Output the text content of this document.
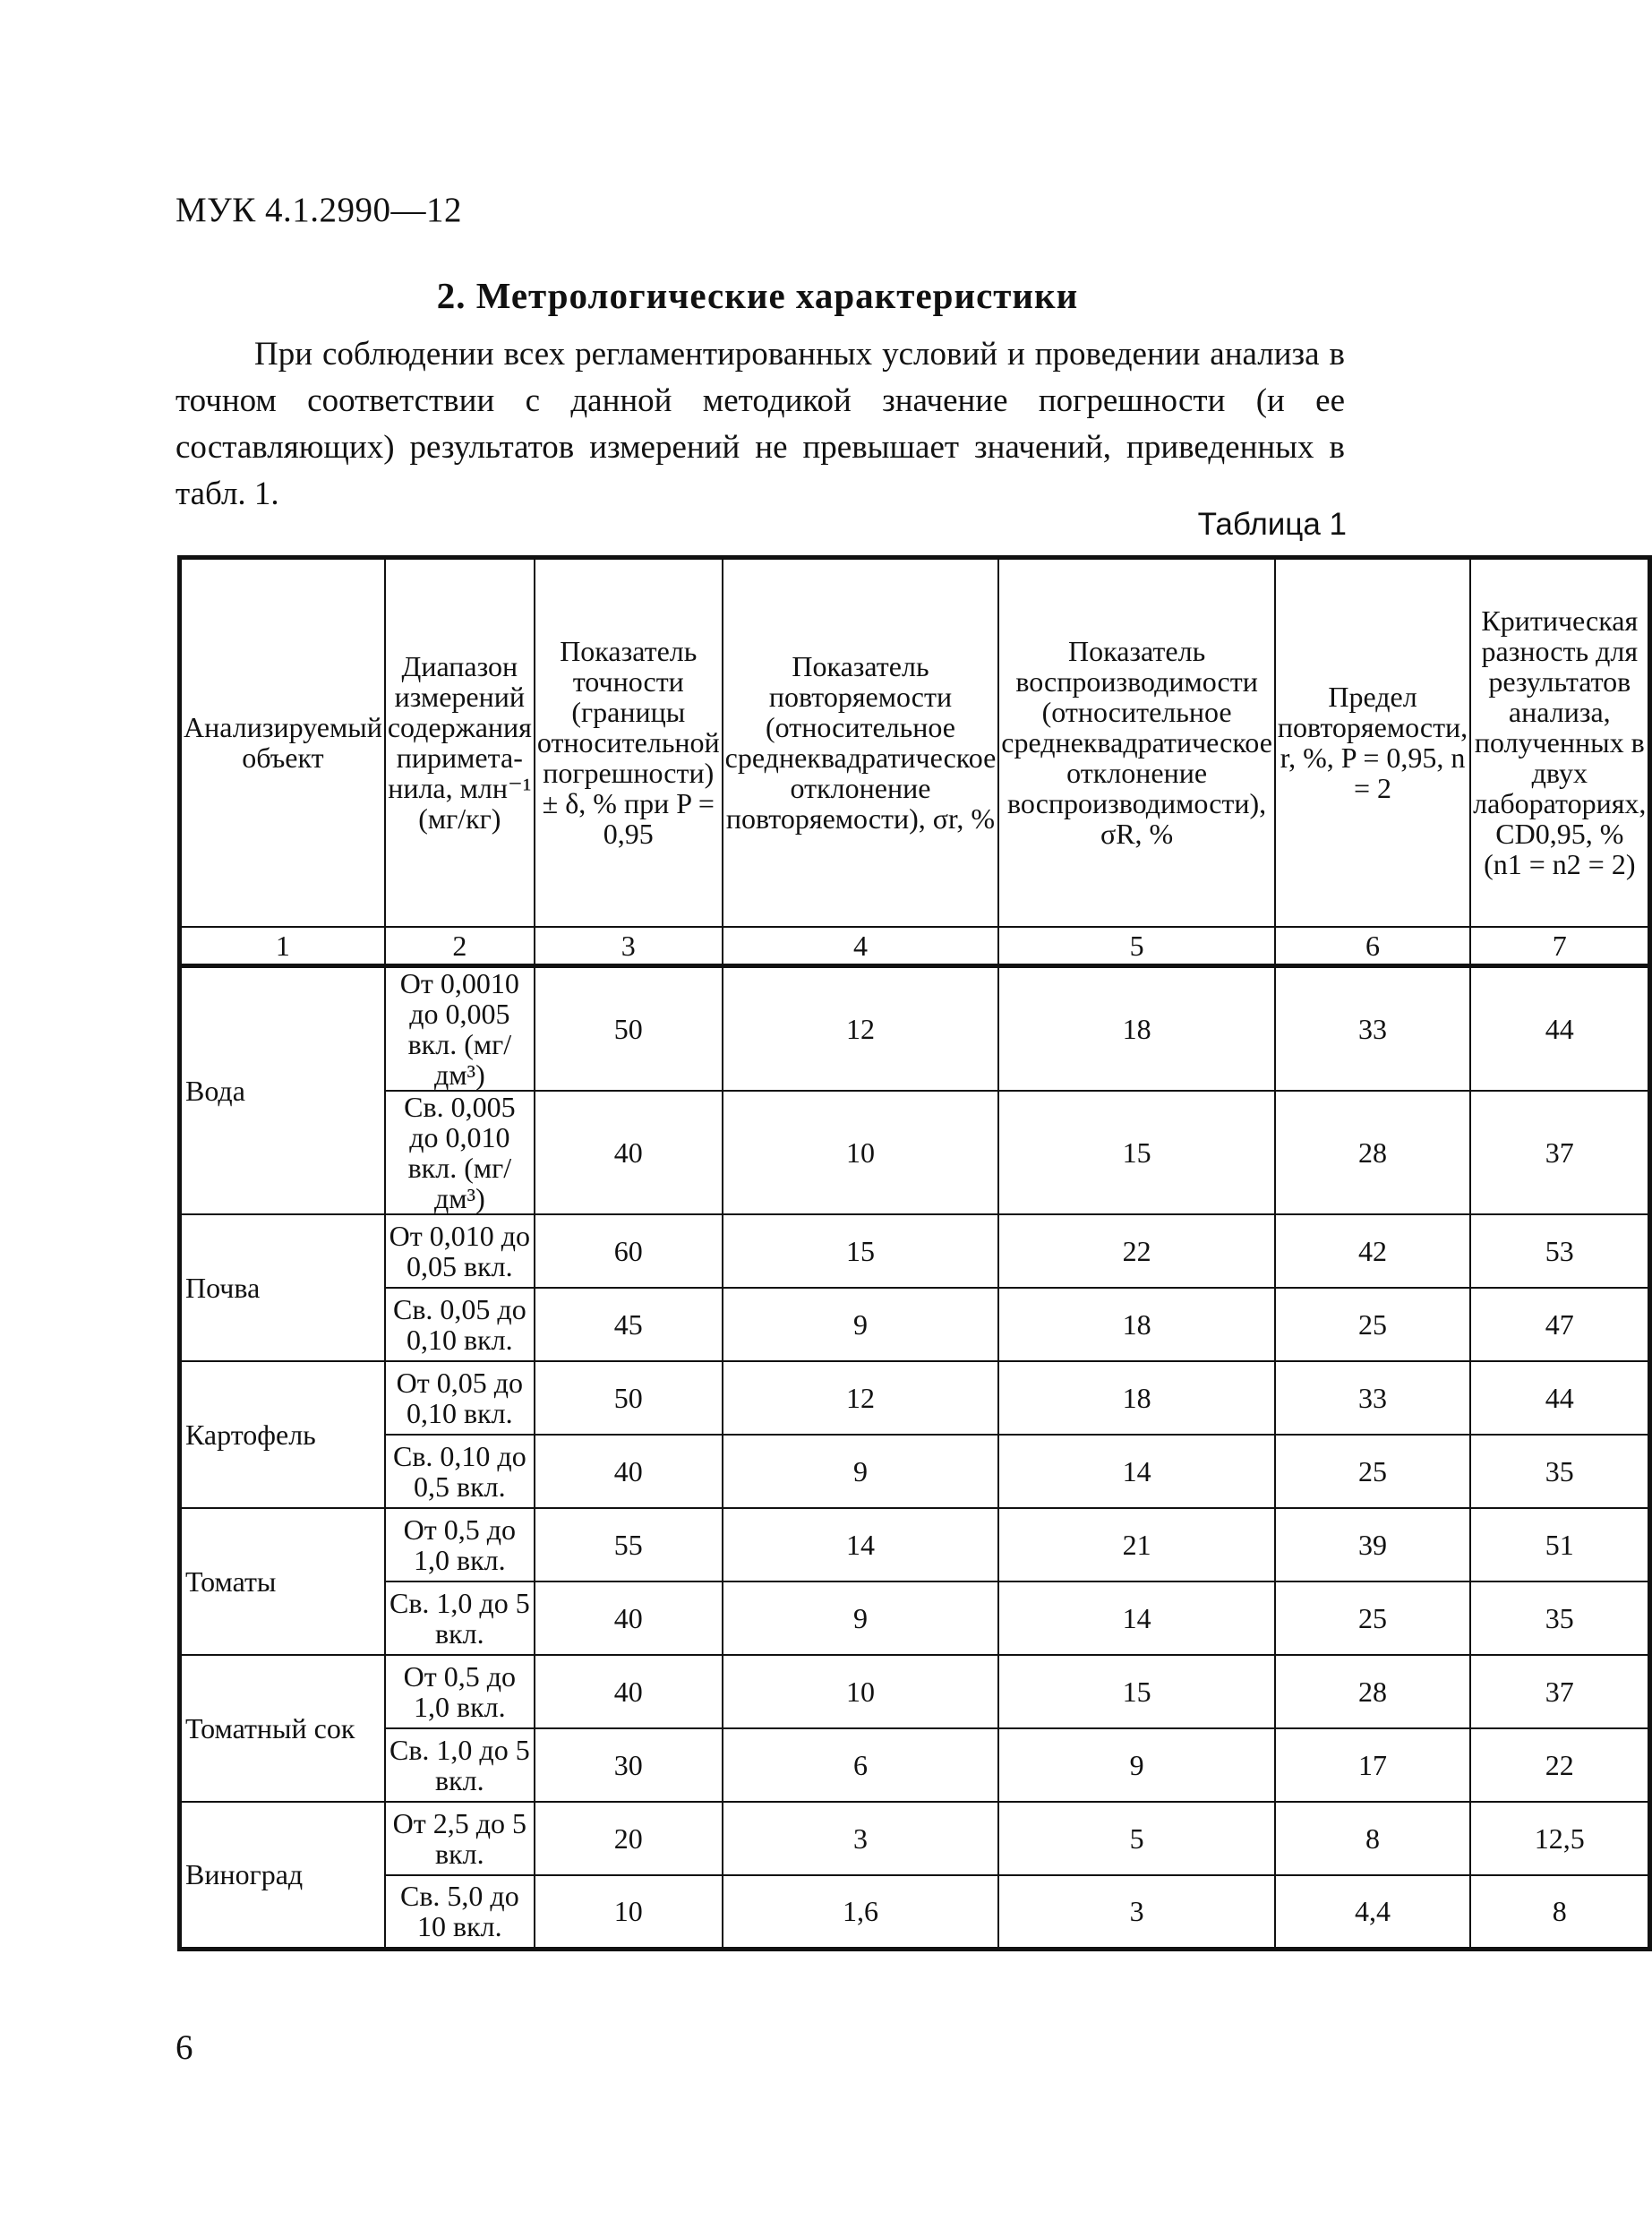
МУК 4.1.2990—12
2. Метрологические характеристики

При соблюдении всех регламентированных условий и проведении анализа в точном соответствии с данной методикой значение погрешности (и ее составляющих) результатов измерений не превышает значений, приведенных в табл. 1.

Таблица 1
Анализируемый объект	Диапазон измерений содержания пиримета-нила, млн⁻¹ (мг/кг)	Показатель точности (границы относительной погрешности) ± δ, % при P = 0,95	Показатель повторяемости (относительное среднеквадратическое отклонение повторяемости), σr, %	Показатель воспроизводимости (относительное среднеквадратическое отклонение воспроизводимости), σR, %	Предел повторяемости, r, %, P = 0,95, n = 2	Критическая разность для результатов анализа, полученных в двух лабораториях, CD0,95, % (n1 = n2 = 2)
1	2	3	4	5	6	7
Вода	От 0,0010 до 0,005 вкл. (мг/дм³)	50	12	18	33	44
	Св. 0,005 до 0,010 вкл. (мг/дм³)	40	10	15	28	37
Почва	От 0,010 до 0,05 вкл.	60	15	22	42	53
	Св. 0,05 до 0,10 вкл.	45	9	18	25	47
Картофель	От 0,05 до 0,10 вкл.	50	12	18	33	44
	Св. 0,10 до 0,5 вкл.	40	9	14	25	35
Томаты	От 0,5 до 1,0 вкл.	55	14	21	39	51
	Св. 1,0 до 5 вкл.	40	9	14	25	35
Томатный сок	От 0,5 до 1,0 вкл.	40	10	15	28	37
	Св. 1,0 до 5 вкл.	30	6	9	17	22
Виноград	От 2,5 до 5 вкл.	20	3	5	8	12,5
	Св. 5,0 до 10 вкл.	10	1,6	3	4,4	8
6
